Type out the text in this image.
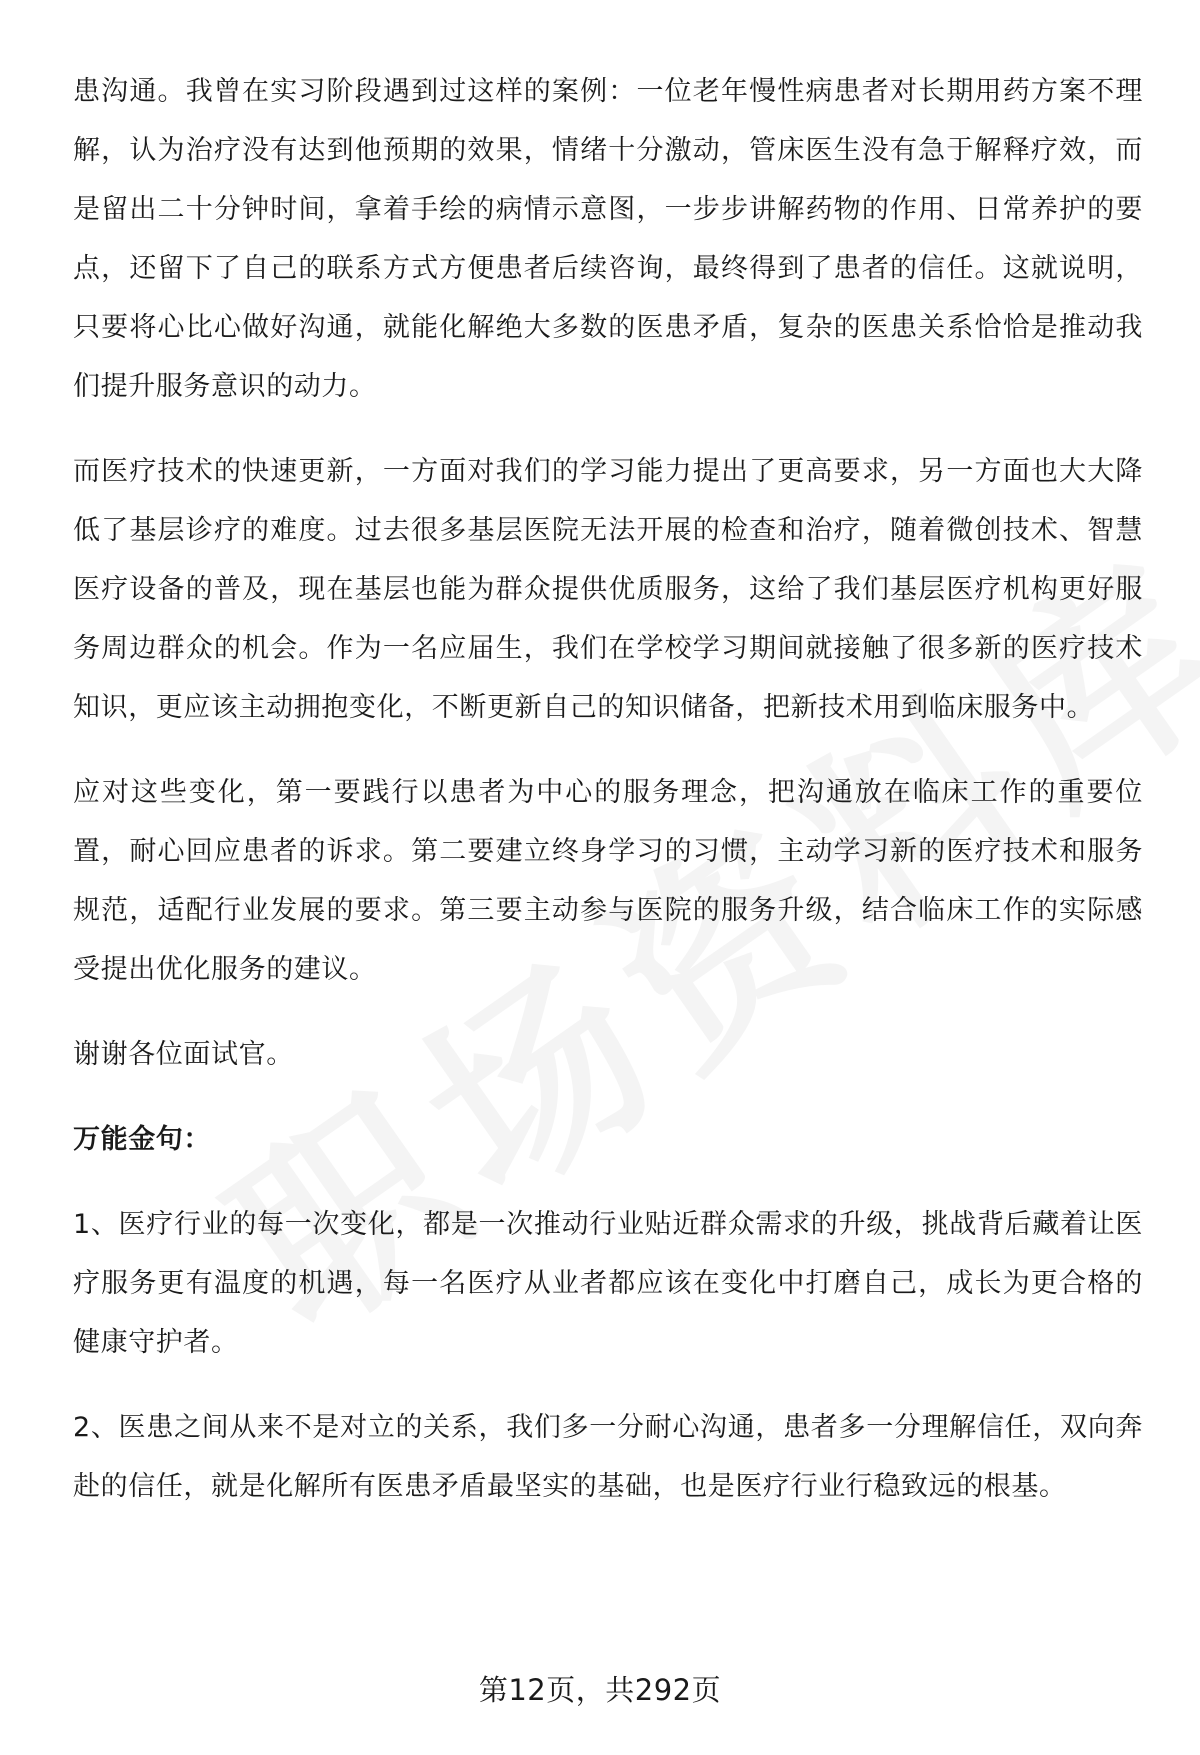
患沟通。我曾在实习阶段遇到过这样的案例：一位老年慢性病患者对长期用药方案不理解，认为治疗没有达到他预期的效果，情绪十分激动，管床医生没有急于解释疗效，而是留出二十分钟时间，拿着手绘的病情示意图，一步步讲解药物的作用、日常养护的要点，还留下了自己的联系方式方便患者后续咨询，最终得到了患者的信任。这就说明，只要将心比心做好沟通，就能化解绝大多数的医患矛盾，复杂的医患关系恰恰是推动我们提升服务意识的动力。

而医疗技术的快速更新，一方面对我们的学习能力提出了更高要求，另一方面也大大降低了基层诊疗的难度。过去很多基层医院无法开展的检查和治疗，随着微创技术、智慧医疗设备的普及，现在基层也能为群众提供优质服务，这给了我们基层医疗机构更好服务周边群众的机会。作为一名应届生，我们在学校学习期间就接触了很多新的医疗技术知识，更应该主动拥抱变化，不断更新自己的知识储备，把新技术用到临床服务中。

应对这些变化，第一要践行以患者为中心的服务理念，把沟通放在临床工作的重要位置，耐心回应患者的诉求。第二要建立终身学习的习惯，主动学习新的医疗技术和服务规范，适配行业发展的要求。第三要主动参与医院的服务升级，结合临床工作的实际感受提出优化服务的建议。

谢谢各位面试官。

万能金句：

1、医疗行业的每一次变化，都是一次推动行业贴近群众需求的升级，挑战背后藏着让医疗服务更有温度的机遇，每一名医疗从业者都应该在变化中打磨自己，成长为更合格的健康守护者。

2、医患之间从来不是对立的关系，我们多一分耐心沟通，患者多一分理解信任，双向奔赴的信任，就是化解所有医患矛盾最坚实的基础，也是医疗行业行稳致远的根基。

第12页，共292页
